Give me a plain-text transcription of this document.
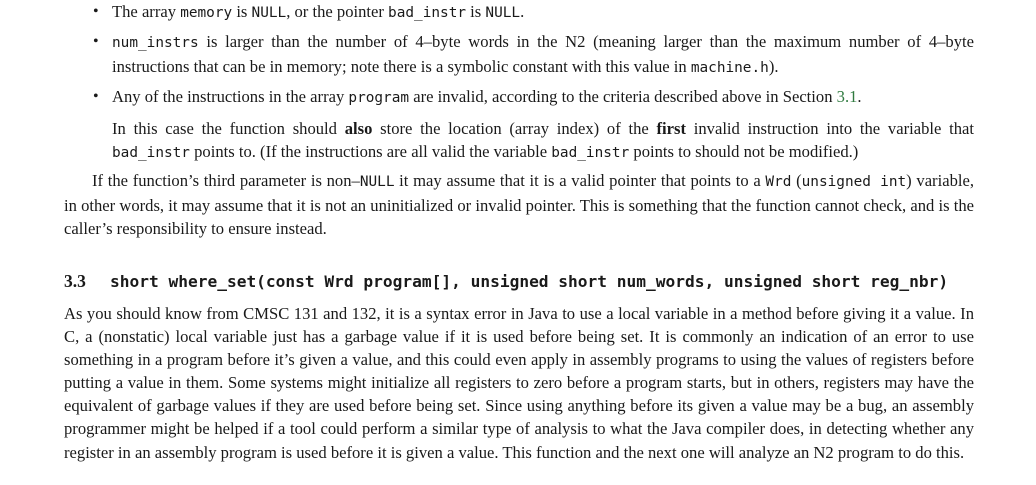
• The array memory is NULL, or the pointer bad_instr is NULL.
• num_instrs is larger than the number of 4–byte words in the N2 (meaning larger than the maximum number of 4–byte instructions that can be in memory; note there is a symbolic constant with this value in machine.h).
• Any of the instructions in the array program are invalid, according to the criteria described above in Section 3.1.
In this case the function should also store the location (array index) of the first invalid instruction into the variable that bad_instr points to. (If the instructions are all valid the variable bad_instr points to should not be modified.)

If the function’s third parameter is non–NULL it may assume that it is a valid pointer that points to a Wrd (unsigned int) variable, in other words, it may assume that it is not an uninitialized or invalid pointer. This is something that the function cannot check, and is the caller’s responsibility to ensure instead.

3.3 short where_set(const Wrd program[], unsigned short num_words, unsigned short reg_nbr)

As you should know from CMSC 131 and 132, it is a syntax error in Java to use a local variable in a method before giving it a value. In C, a (nonstatic) local variable just has a garbage value if it is used before being set. It is commonly an indication of an error to use something in a program before it’s given a value, and this could even apply in assembly programs to using the values of registers before putting a value in them. Some systems might initialize all registers to zero before a program starts, but in others, registers may have the equivalent of garbage values if they are used before being set. Since using anything before its given a value may be a bug, an assembly programmer might be helped if a tool could perform a similar type of analysis to what the Java compiler does, in detecting whether any register in an assembly program is used before it is given a value. This function and the next one will analyze an N2 program to do this.
